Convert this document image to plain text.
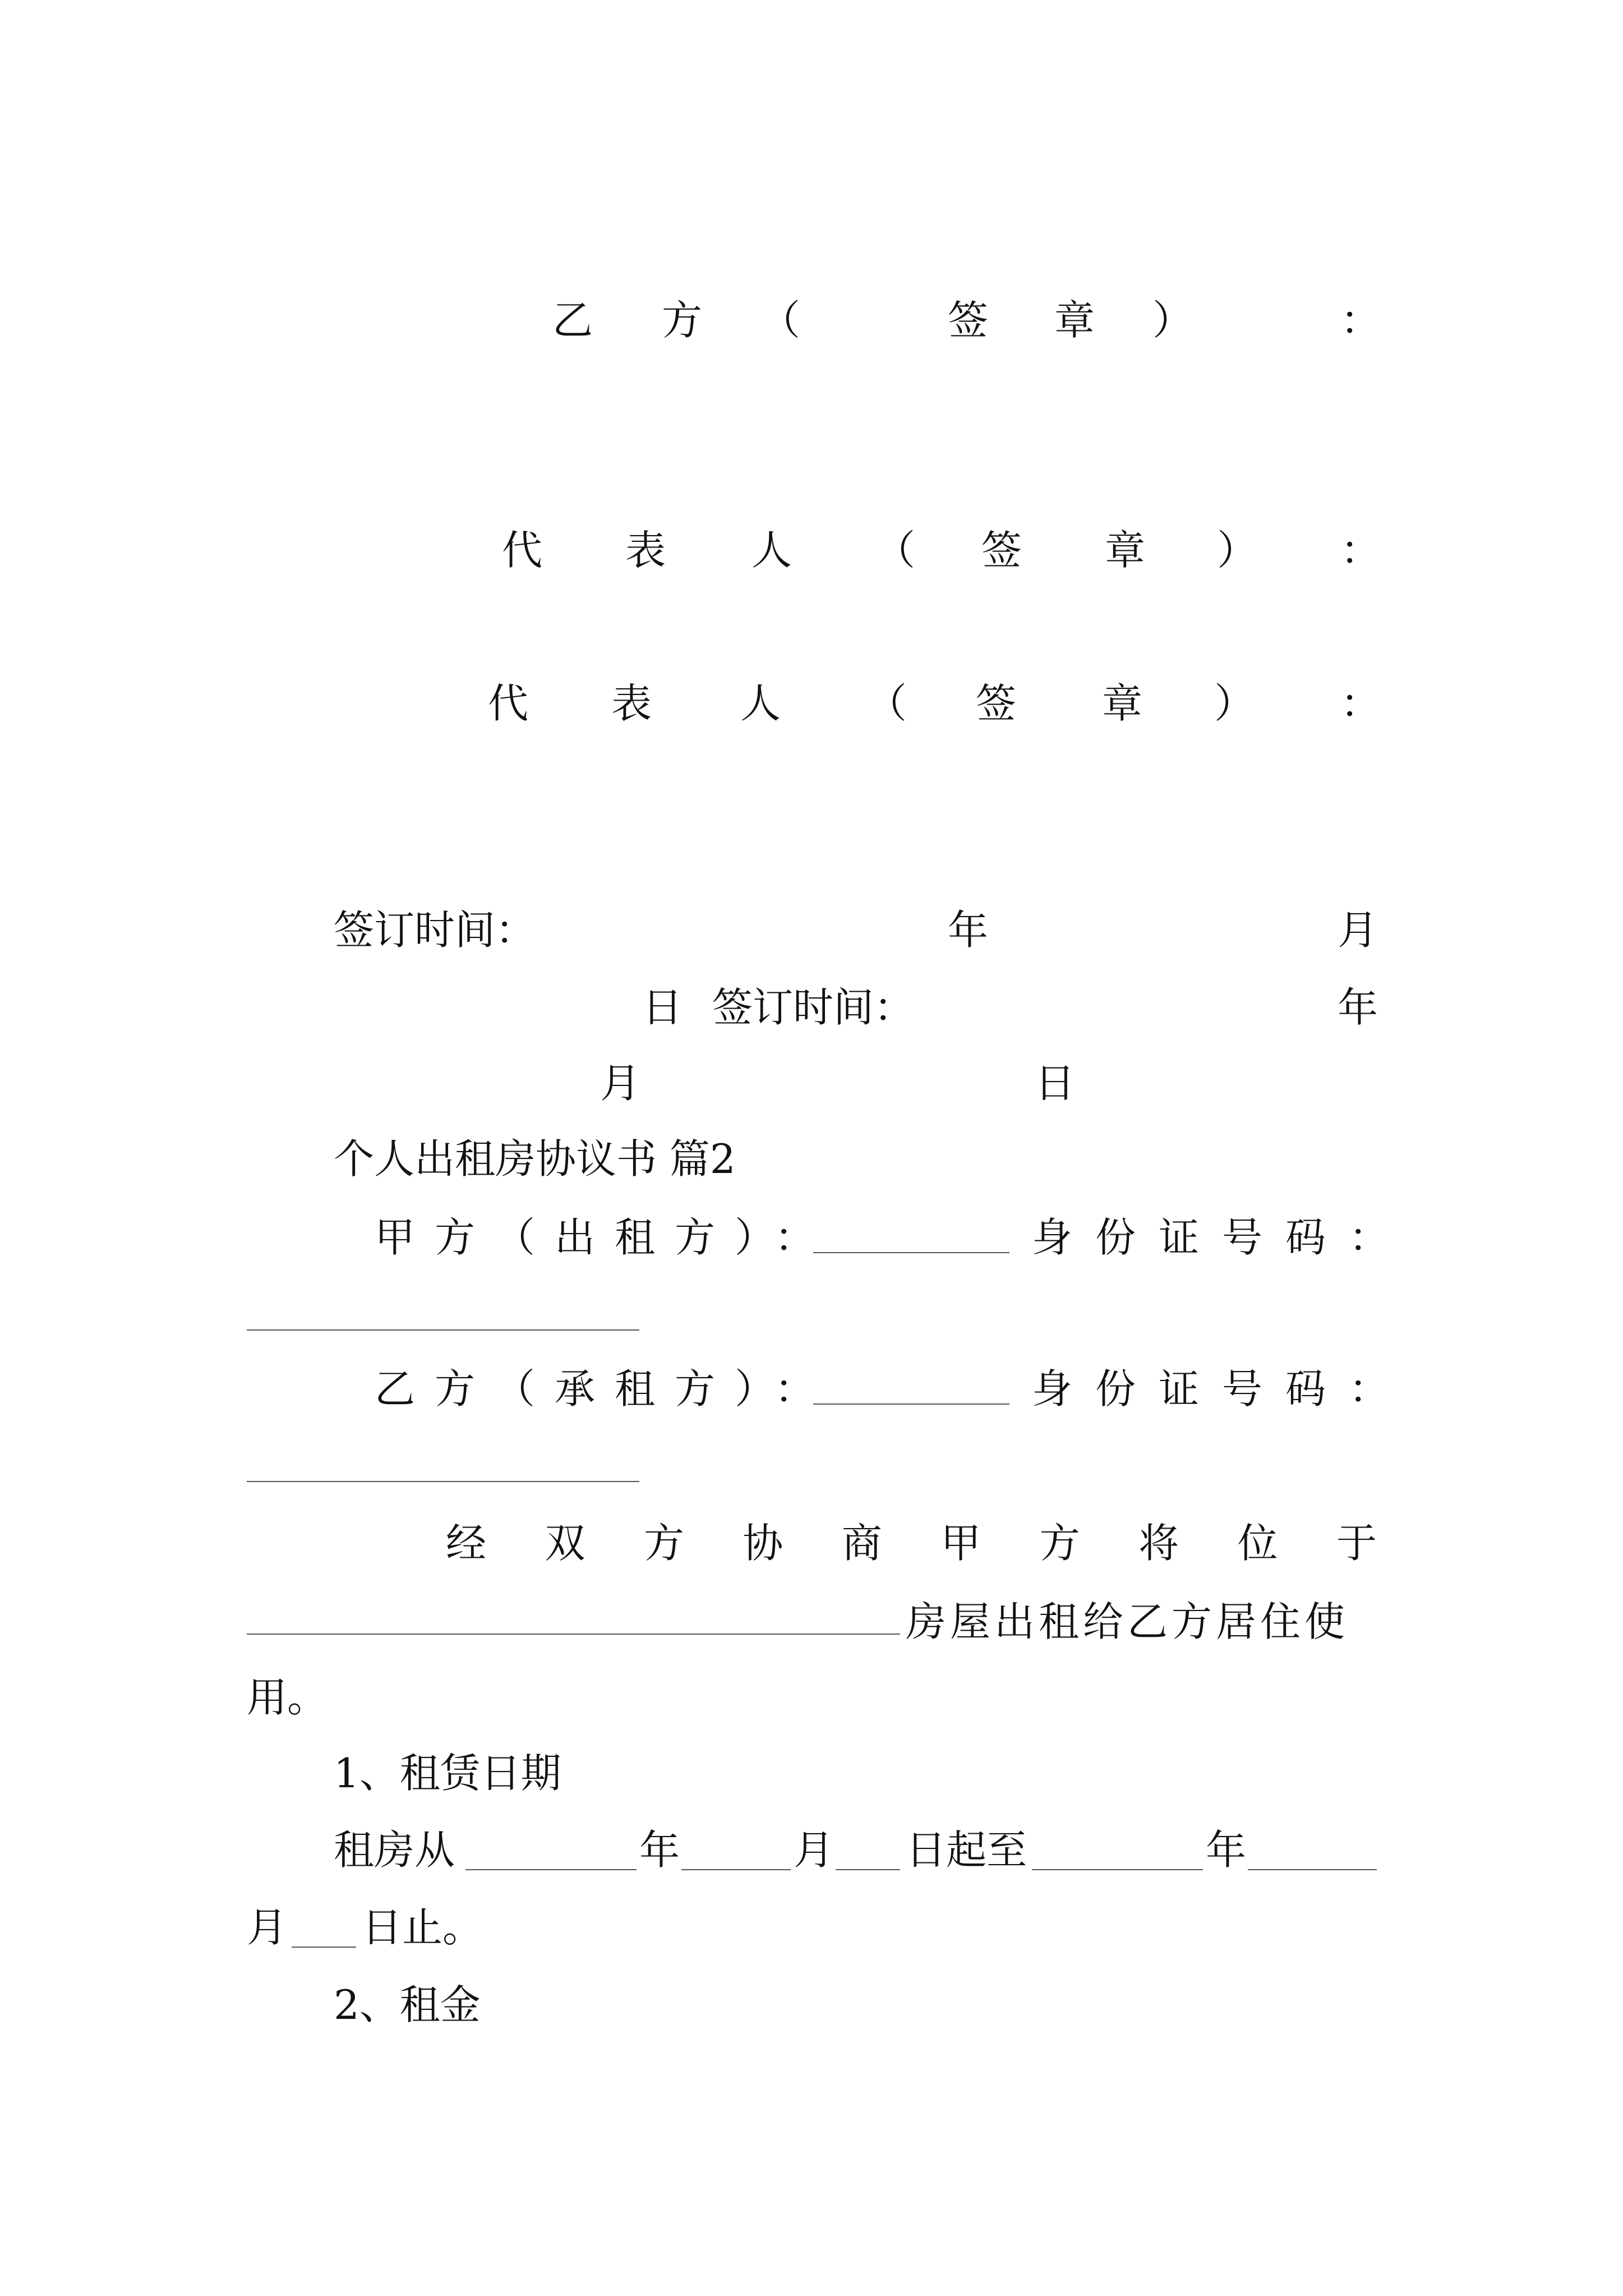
乙 方 （	签 章 ）	：
代 表 人 （ 签 章 ） ：
代 表 人 （ 签 章 ） ：
签订时间：	年	月
日 签订时间：	年
月	日
个人出租房协议书 篇2
甲方（出租方）：	身份证号码：
乙方（承租方）：	身份证号码：
经 双 方 协 商 甲 方 将 位 于
房屋出租给乙方居住使
用。
1、租赁日期
租房从	年	月 日起至	年
月 日止。
2、租金
